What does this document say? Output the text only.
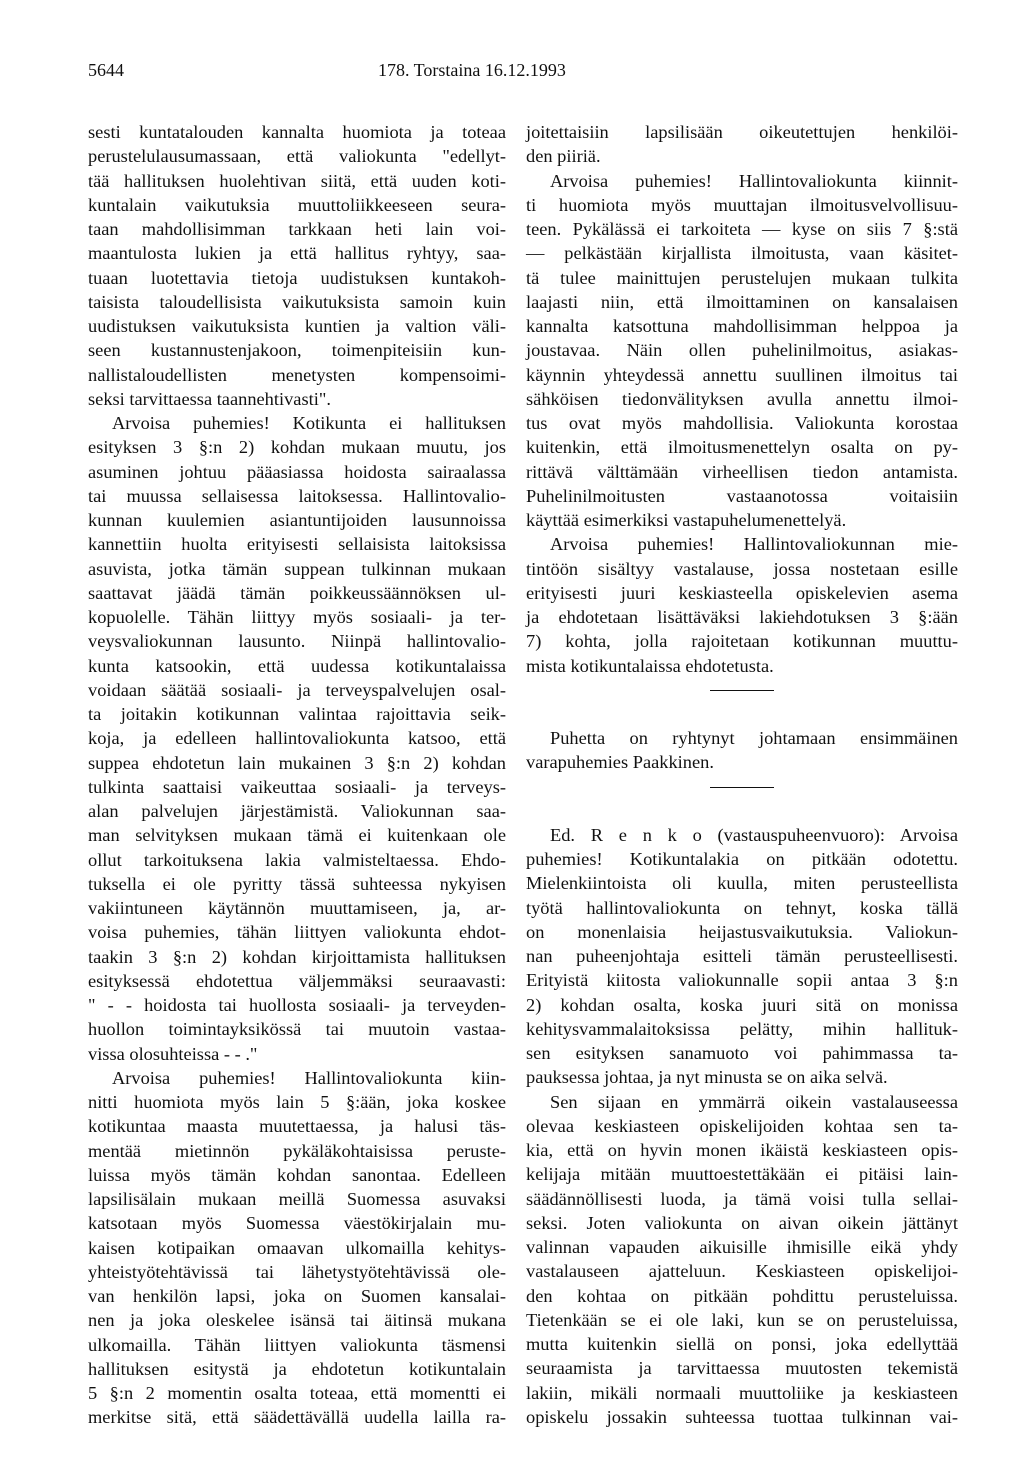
5644	178. Torstaina 16.12.1993
sesti kuntatalouden kannalta huomiota ja toteaa
perustelulausumassaan, että valiokunta "edellyt-
tää hallituksen huolehtivan siitä, että uuden koti-
kuntalain vaikutuksia muuttoliikkeeseen seura-
taan mahdollisimman tarkkaan heti lain voi-
maantulosta lukien ja että hallitus ryhtyy, saa-
tuaan luotettavia tietoja uudistuksen kuntakoh-
taisista taloudellisista vaikutuksista samoin kuin
uudistuksen vaikutuksista kuntien ja valtion väli-
seen kustannustenjakoon, toimenpiteisiin kun-
nallistaloudellisten menetysten kompensoimi-
seksi tarvittaessa taannehtivasti".
Arvoisa puhemies! Kotikunta ei hallituksen
esityksen 3 §:n 2) kohdan mukaan muutu, jos
asuminen johtuu pääasiassa hoidosta sairaalassa
tai muussa sellaisessa laitoksessa. Hallintovalio-
kunnan kuulemien asiantuntijoiden lausunnoissa
kannettiin huolta erityisesti sellaisista laitoksissa
asuvista, jotka tämän suppean tulkinnan mukaan
saattavat jäädä tämän poikkeussäännöksen ul-
kopuolelle. Tähän liittyy myös sosiaali- ja ter-
veysvaliokunnan lausunto. Niinpä hallintovalio-
kunta katsookin, että uudessa kotikuntalaissa
voidaan säätää sosiaali- ja terveyspalvelujen osal-
ta joitakin kotikunnan valintaa rajoittavia seik-
koja, ja edelleen hallintovaliokunta katsoo, että
suppea ehdotetun lain mukainen 3 §:n 2) kohdan
tulkinta saattaisi vaikeuttaa sosiaali- ja terveys-
alan palvelujen järjestämistä. Valiokunnan saa-
man selvityksen mukaan tämä ei kuitenkaan ole
ollut tarkoituksena lakia valmisteltaessa. Ehdo-
tuksella ei ole pyritty tässä suhteessa nykyisen
vakiintuneen käytännön muuttamiseen, ja, ar-
voisa puhemies, tähän liittyen valiokunta ehdot-
taakin 3 §:n 2) kohdan kirjoittamista hallituksen
esityksessä ehdotettua väljemmäksi seuraavasti:
" - - hoidosta tai huollosta sosiaali- ja terveyden-
huollon toimintayksikössä tai muutoin vastaa-
vissa olosuhteissa - - ."
Arvoisa puhemies! Hallintovaliokunta kiin-
nitti huomiota myös lain 5 §:ään, joka koskee
kotikuntaa maasta muutettaessa, ja halusi täs-
mentää mietinnön pykäläkohtaisissa peruste-
luissa myös tämän kohdan sanontaa. Edelleen
lapsilisälain mukaan meillä Suomessa asuvaksi
katsotaan myös Suomessa väestökirjalain mu-
kaisen kotipaikan omaavan ulkomailla kehitys-
yhteistyötehtävissä tai lähetystyötehtävissä ole-
van henkilön lapsi, joka on Suomen kansalai-
nen ja joka oleskelee isänsä tai äitinsä mukana
ulkomailla. Tähän liittyen valiokunta täsmensi
hallituksen esitystä ja ehdotetun kotikuntalain
5 §:n 2 momentin osalta toteaa, että momentti ei
merkitse sitä, että säädettävällä uudella lailla ra-
joitettaisiin lapsilisään oikeutettujen henkilöi-
den piiriä.
Arvoisa puhemies! Hallintovaliokunta kiinnit-
ti huomiota myös muuttajan ilmoitusvelvollisuu-
teen. Pykälässä ei tarkoiteta — kyse on siis 7 §:stä
— pelkästään kirjallista ilmoitusta, vaan käsitet-
tä tulee mainittujen perustelujen mukaan tulkita
laajasti niin, että ilmoittaminen on kansalaisen
kannalta katsottuna mahdollisimman helppoa ja
joustavaa. Näin ollen puhelinilmoitus, asiakas-
käynnin yhteydessä annettu suullinen ilmoitus tai
sähköisen tiedonvälityksen avulla annettu ilmoi-
tus ovat myös mahdollisia. Valiokunta korostaa
kuitenkin, että ilmoitusmenettelyn osalta on py-
rittävä välttämään virheellisen tiedon antamista.
Puhelinilmoitusten vastaanotossa voitaisiin
käyttää esimerkiksi vastapuhelumenettelyä.
Arvoisa puhemies! Hallintovaliokunnan mie-
tintöön sisältyy vastalause, jossa nostetaan esille
erityisesti juuri keskiasteella opiskelevien asema
ja ehdotetaan lisättäväksi lakiehdotuksen 3 §:ään
7) kohta, jolla rajoitetaan kotikunnan muuttu-
mista kotikuntalaissa ehdotetusta.
Puhetta on ryhtynyt johtamaan ensimmäinen
varapuhemies Paakkinen.
Ed. R e n k o (vastauspuheenvuoro): Arvoisa
puhemies! Kotikuntalakia on pitkään odotettu.
Mielenkiintoista oli kuulla, miten perusteellista
työtä hallintovaliokunta on tehnyt, koska tällä
on monenlaisia heijastusvaikutuksia. Valiokun-
nan puheenjohtaja esitteli tämän perusteellisesti.
Erityistä kiitosta valiokunnalle sopii antaa 3 §:n
2) kohdan osalta, koska juuri sitä on monissa
kehitysvammalaitoksissa pelätty, mihin hallituk-
sen esityksen sanamuoto voi pahimmassa ta-
pauksessa johtaa, ja nyt minusta se on aika selvä.
Sen sijaan en ymmärrä oikein vastalauseessa
olevaa keskiasteen opiskelijoiden kohtaa sen ta-
kia, että on hyvin monen ikäistä keskiasteen opis-
kelijaja mitään muuttoestettäkään ei pitäisi lain-
säädännöllisesti luoda, ja tämä voisi tulla sellai-
seksi. Joten valiokunta on aivan oikein jättänyt
valinnan vapauden aikuisille ihmisille eikä yhdy
vastalauseen ajatteluun. Keskiasteen opiskelijoi-
den kohtaa on pitkään pohdittu perusteluissa.
Tietenkään se ei ole laki, kun se on perusteluissa,
mutta kuitenkin siellä on ponsi, joka edellyttää
seuraamista ja tarvittaessa muutosten tekemistä
lakiin, mikäli normaali muuttoliike ja keskiasteen
opiskelu jossakin suhteessa tuottaa tulkinnan vai-
